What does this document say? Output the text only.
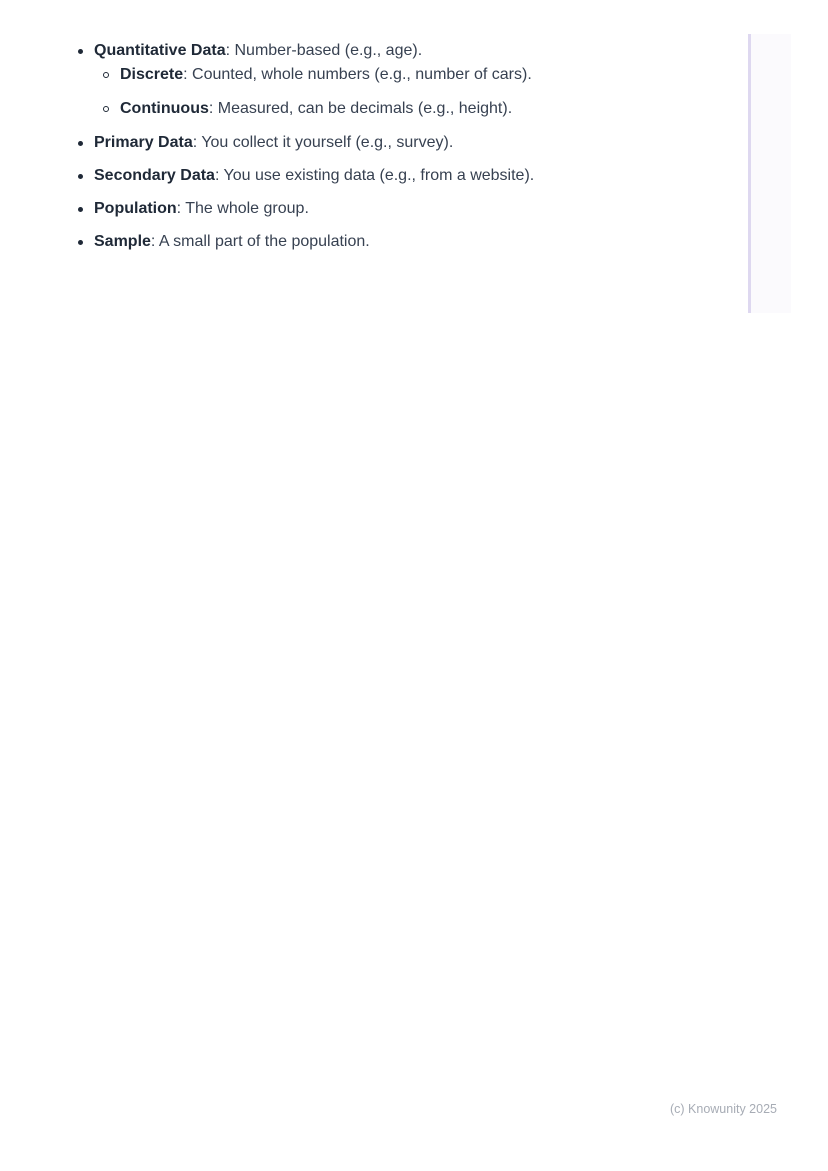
Quantitative Data: Number-based (e.g., age).
Discrete: Counted, whole numbers (e.g., number of cars).
Continuous: Measured, can be decimals (e.g., height).
Primary Data: You collect it yourself (e.g., survey).
Secondary Data: You use existing data (e.g., from a website).
Population: The whole group.
Sample: A small part of the population.
(c) Knowunity 2025
